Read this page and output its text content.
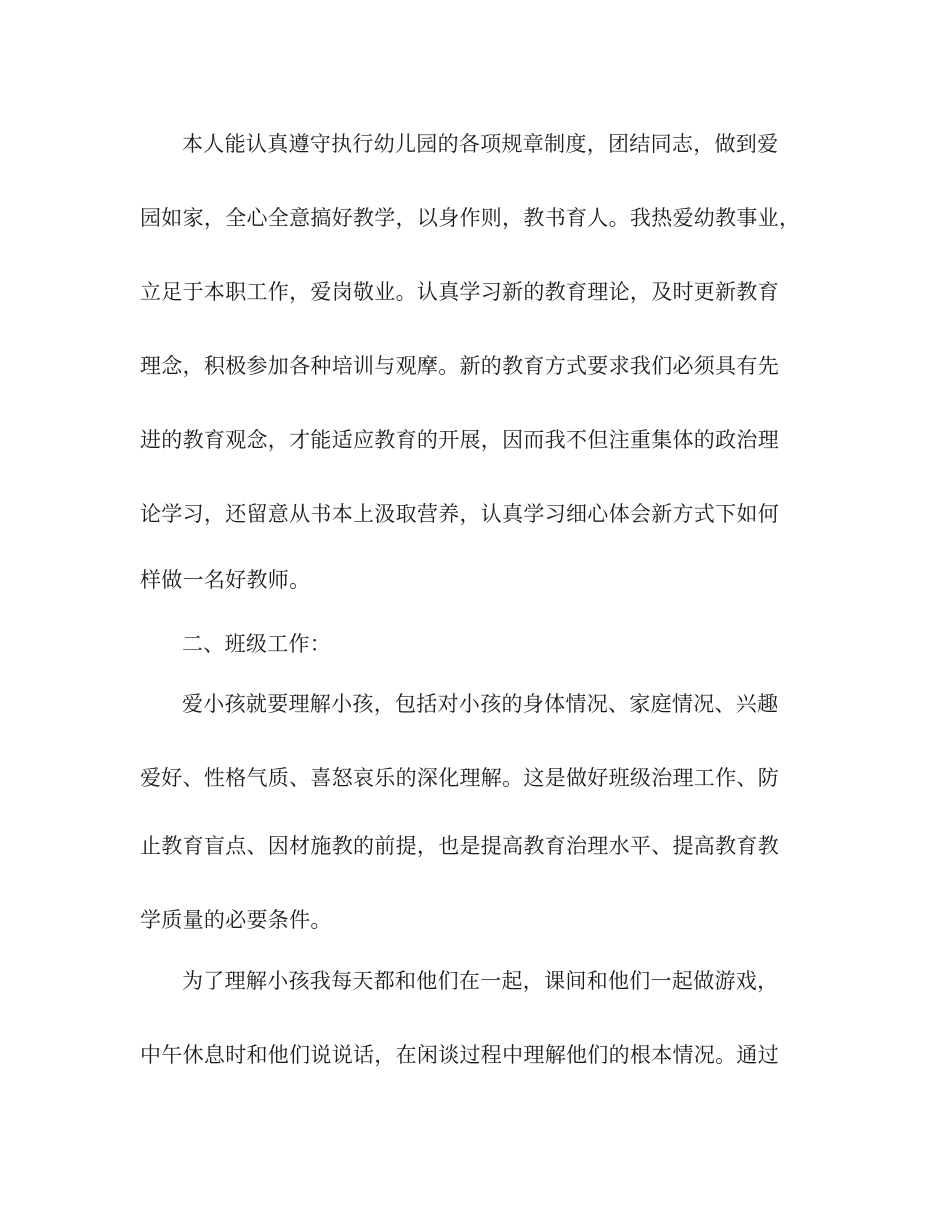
本人能认真遵守执行幼儿园的各项规章制度，团结同志，做到爱
园如家，全心全意搞好教学，以身作则，教书育人。我热爱幼教事业，
立足于本职工作，爱岗敬业。认真学习新的教育理论，及时更新教育
理念，积极参加各种培训与观摩。新的教育方式要求我们必须具有先
进的教育观念，才能适应教育的开展，因而我不但注重集体的政治理
论学习，还留意从书本上汲取营养，认真学习细心体会新方式下如何
样做一名好教师。
二、班级工作：
爱小孩就要理解小孩，包括对小孩的身体情况、家庭情况、兴趣
爱好、性格气质、喜怒哀乐的深化理解。这是做好班级治理工作、防
止教育盲点、因材施教的前提，也是提高教育治理水平、提高教育教
学质量的必要条件。
为了理解小孩我每天都和他们在一起，课间和他们一起做游戏，
中午休息时和他们说说话，在闲谈过程中理解他们的根本情况。通过
